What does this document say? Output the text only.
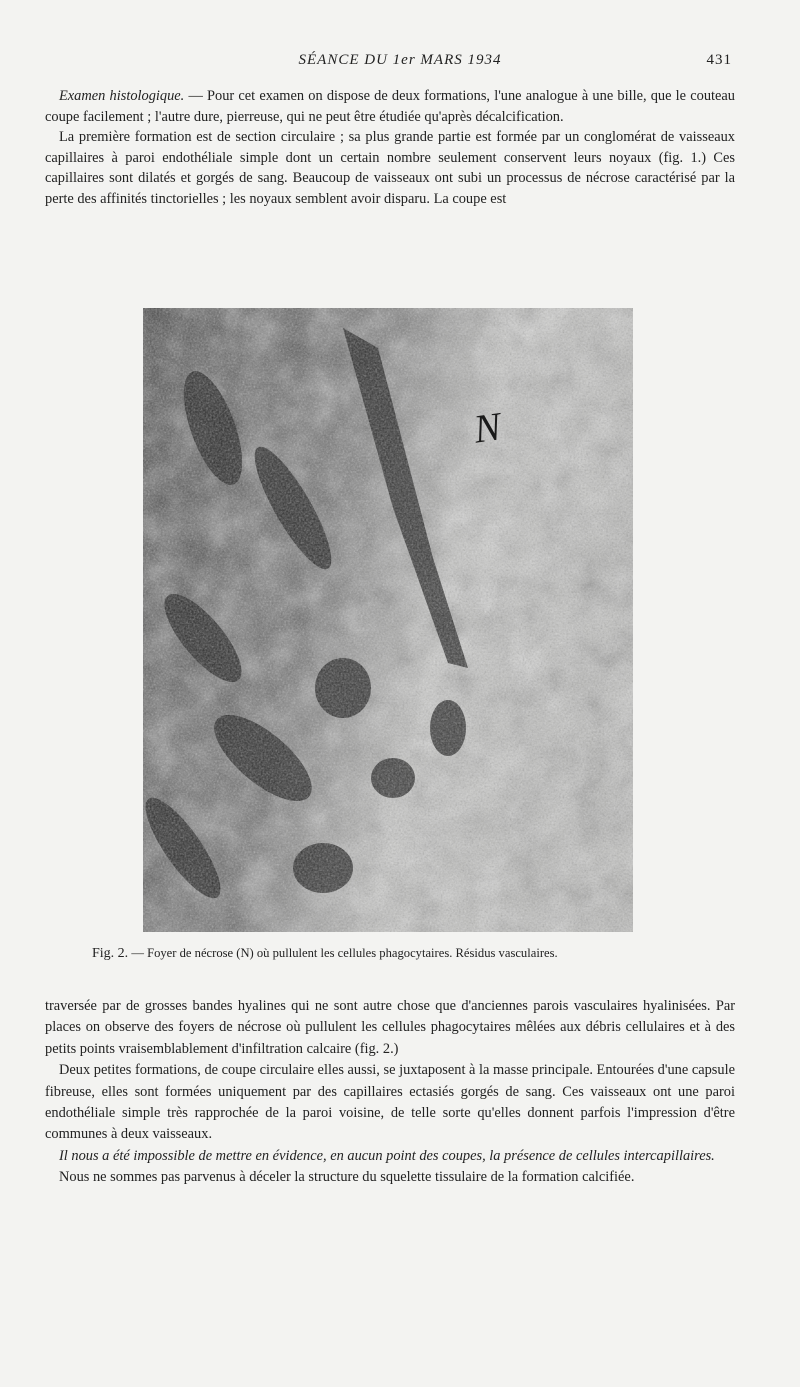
SÉANCE DU 1er MARS 1934	431

Examen histologique. — Pour cet examen on dispose de deux formations, l'une analogue à une bille, que le couteau coupe facilement ; l'autre dure, pierreuse, qui ne peut être étudiée qu'après décalcification.

La première formation est de section circulaire ; sa plus grande partie est formée par un conglomérat de vaisseaux capillaires à paroi endothéliale simple dont un certain nombre seulement conservent leurs noyaux (fig. 1.) Ces capillaires sont dilatés et gorgés de sang. Beaucoup de vaisseaux ont subi un processus de nécrose caractérisé par la perte des affinités tinctorielles ; les noyaux semblent avoir disparu. La coupe est

N
Fig. 2. — Foyer de nécrose (N) où pullulent les cellules phagocytaires. Résidus vasculaires.

traversée par de grosses bandes hyalines qui ne sont autre chose que d'anciennes parois vasculaires hyalinisées. Par places on observe des foyers de nécrose où pullulent les cellules phagocytaires mêlées aux débris cellulaires et à des petits points vraisemblablement d'infiltration calcaire (fig. 2.)

Deux petites formations, de coupe circulaire elles aussi, se juxtaposent à la masse principale. Entourées d'une capsule fibreuse, elles sont formées uniquement par des capillaires ectasiés gorgés de sang. Ces vaisseaux ont une paroi endothéliale simple très rapprochée de la paroi voisine, de telle sorte qu'elles donnent parfois l'impression d'être communes à deux vaisseaux.

Il nous a été impossible de mettre en évidence, en aucun point des coupes, la présence de cellules intercapillaires.

Nous ne sommes pas parvenus à déceler la structure du squelette tissulaire de la formation calcifiée.
